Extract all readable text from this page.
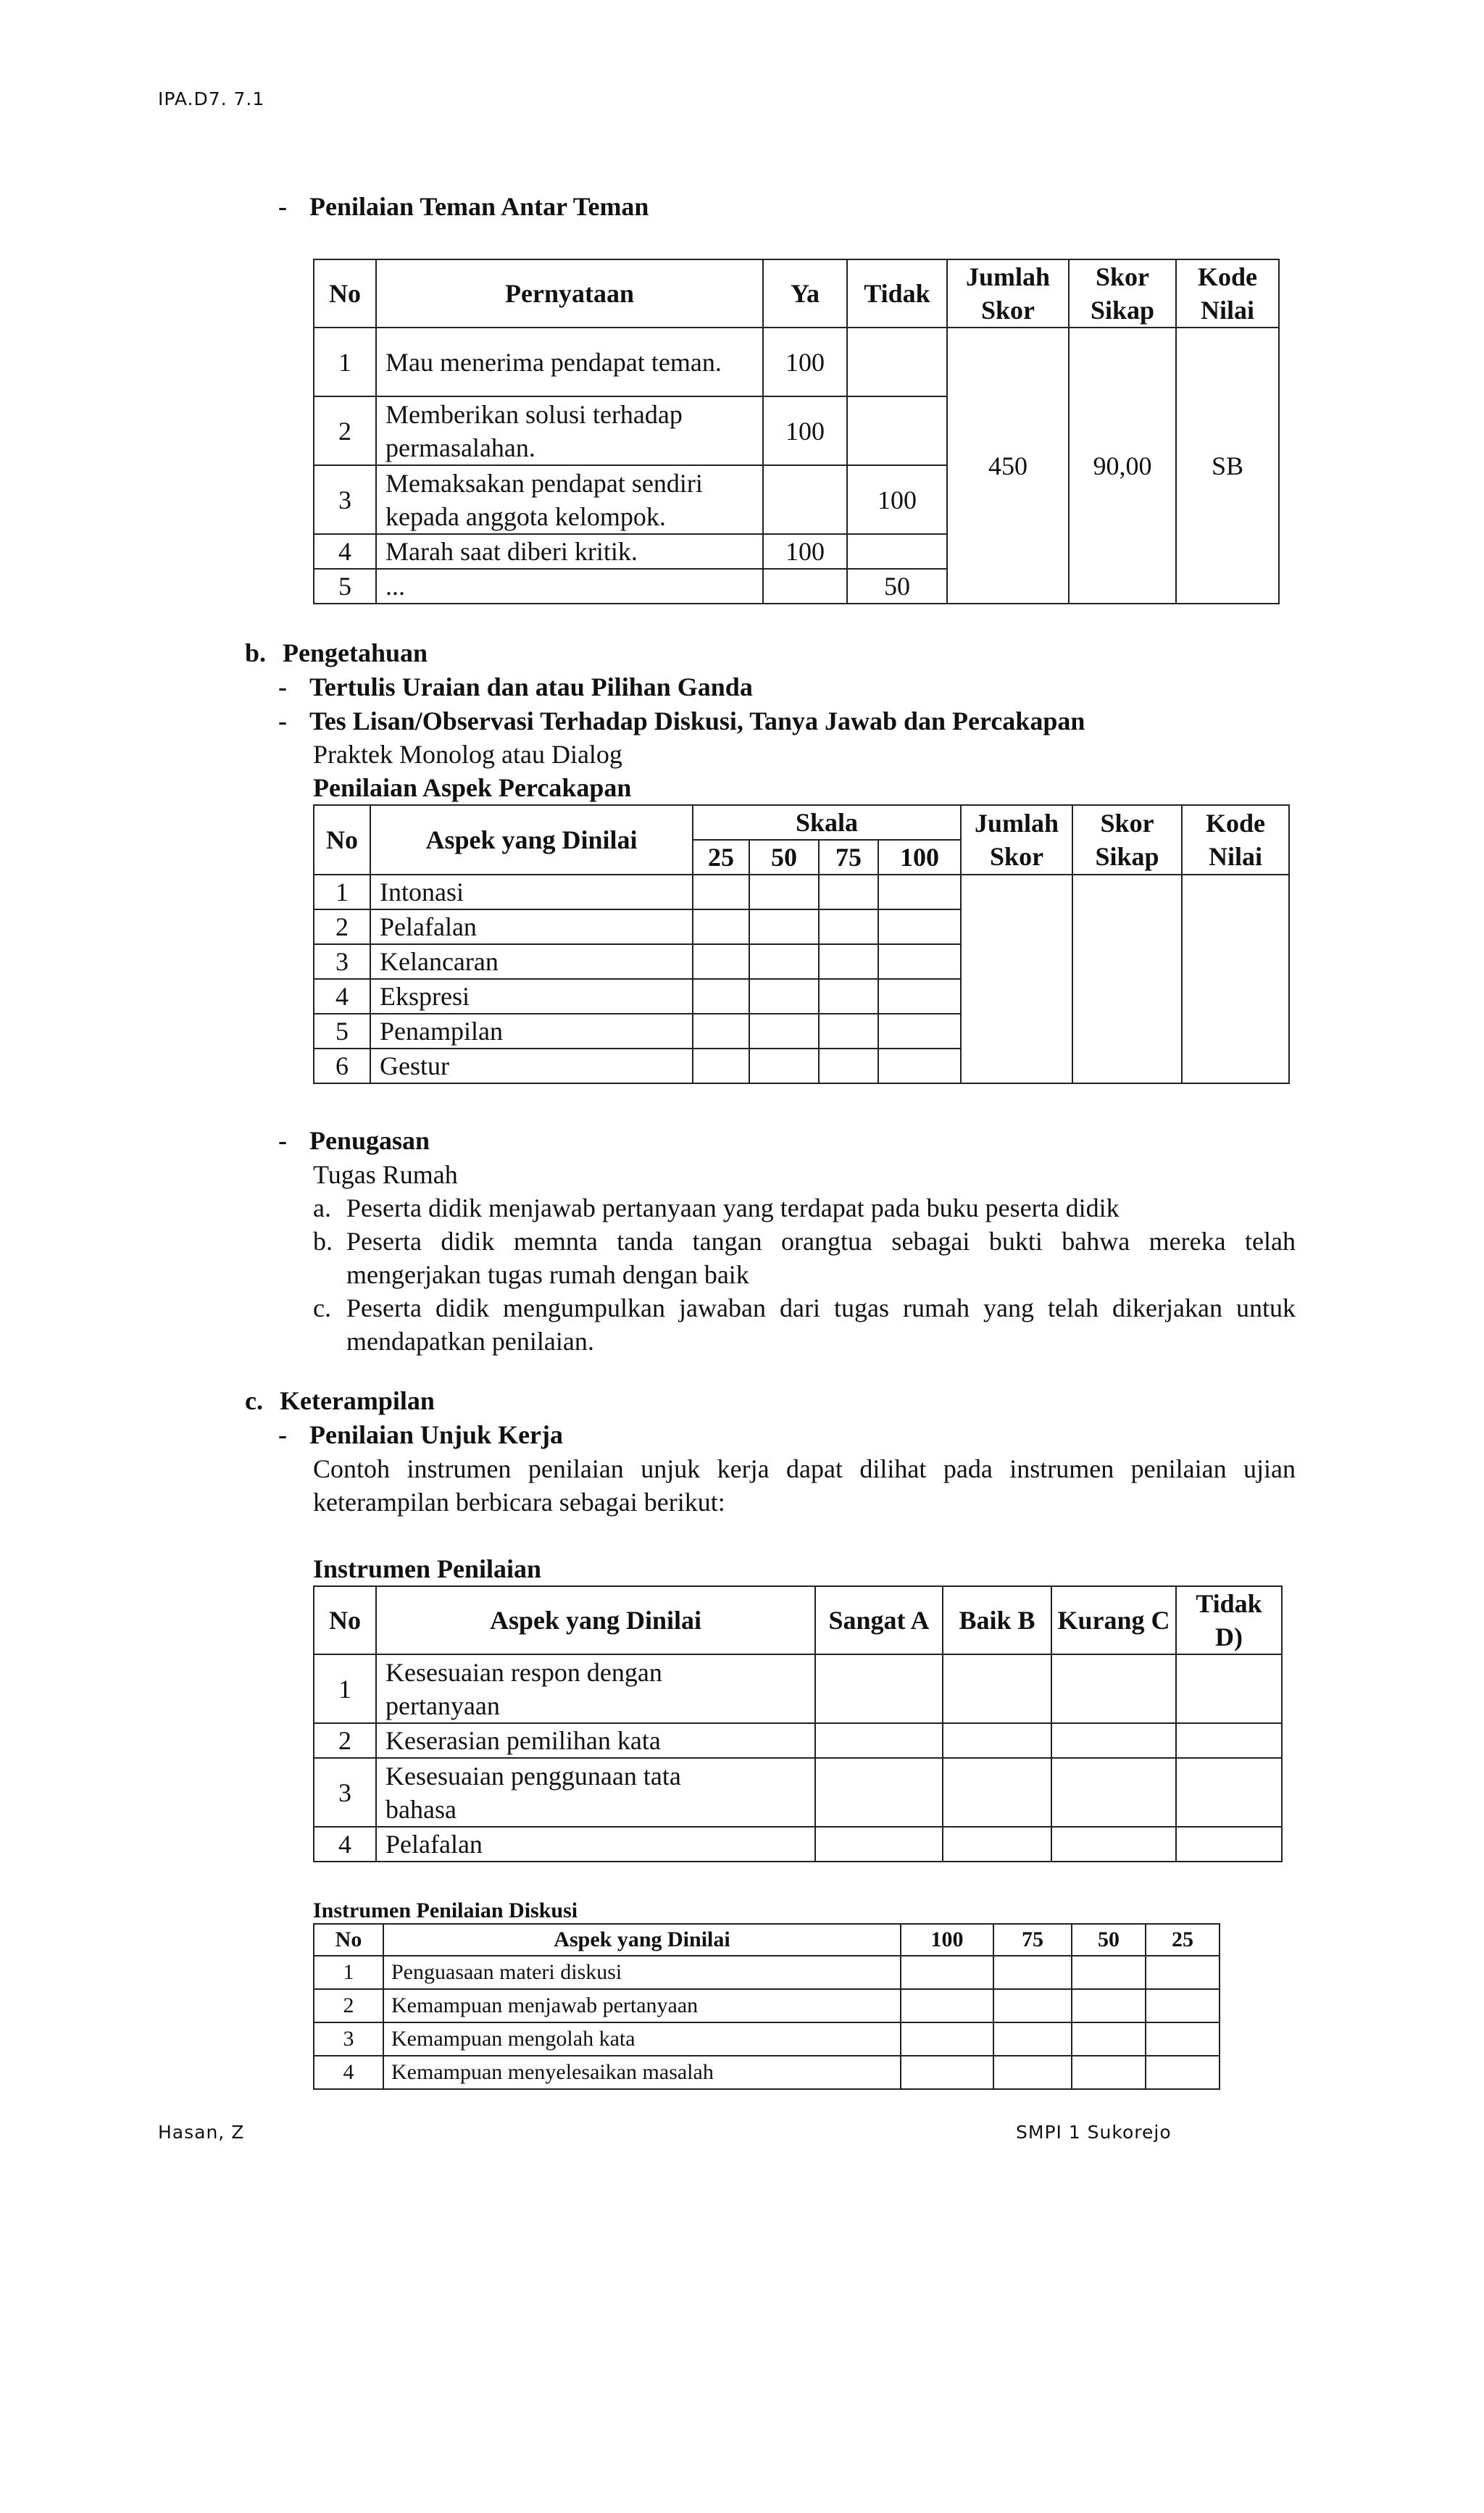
IPA.D7. 7.1
- Penilaian Teman Antar Teman
No	Pernyataan	Ya	Tidak	Jumlah Skor	Skor Sikap	Kode Nilai
1	Mau menerima pendapat teman.	100		450	90,00	SB
2	Memberikan solusi terhadap permasalahan.	100				
3	Memaksakan pendapat sendiri kepada anggota kelompok.		100			
4	Marah saat diberi kritik.	100				
5	...		50			
b. Pengetahuan
- Tertulis Uraian dan atau Pilihan Ganda
- Tes Lisan/Observasi Terhadap Diskusi, Tanya Jawab dan Percakapan
Praktek Monolog atau Dialog
Penilaian Aspek Percakapan
No	Aspek yang Dinilai	Skala				Jumlah Skor	Skor Sikap	Kode Nilai
		25	50	75	100			
1	Intonasi							
2	Pelafalan							
3	Kelancaran							
4	Ekspresi							
5	Penampilan							
6	Gestur							
- Penugasan
Tugas Rumah
a. Peserta didik menjawab pertanyaan yang terdapat pada buku peserta didik
b. Peserta didik memnta tanda tangan orangtua sebagai bukti bahwa mereka telah mengerjakan tugas rumah dengan baik
c. Peserta didik mengumpulkan jawaban dari tugas rumah yang telah dikerjakan untuk mendapatkan penilaian.
c. Keterampilan
- Penilaian Unjuk Kerja
Contoh instrumen penilaian unjuk kerja dapat dilihat pada instrumen penilaian ujian keterampilan berbicara sebagai berikut:
Instrumen Penilaian
No	Aspek yang Dinilai	Sangat A	Baik B	Kurang C	Tidak D)
1	Kesesuaian respon dengan pertanyaan				
2	Keserasian pemilihan kata				
3	Kesesuaian penggunaan tata bahasa				
4	Pelafalan				
Instrumen Penilaian Diskusi
No	Aspek yang Dinilai	100	75	50	25
1	Penguasaan materi diskusi				
2	Kemampuan menjawab pertanyaan				
3	Kemampuan mengolah kata				
4	Kemampuan menyelesaikan masalah				
Hasan, Z	SMPI 1 Sukorejo
